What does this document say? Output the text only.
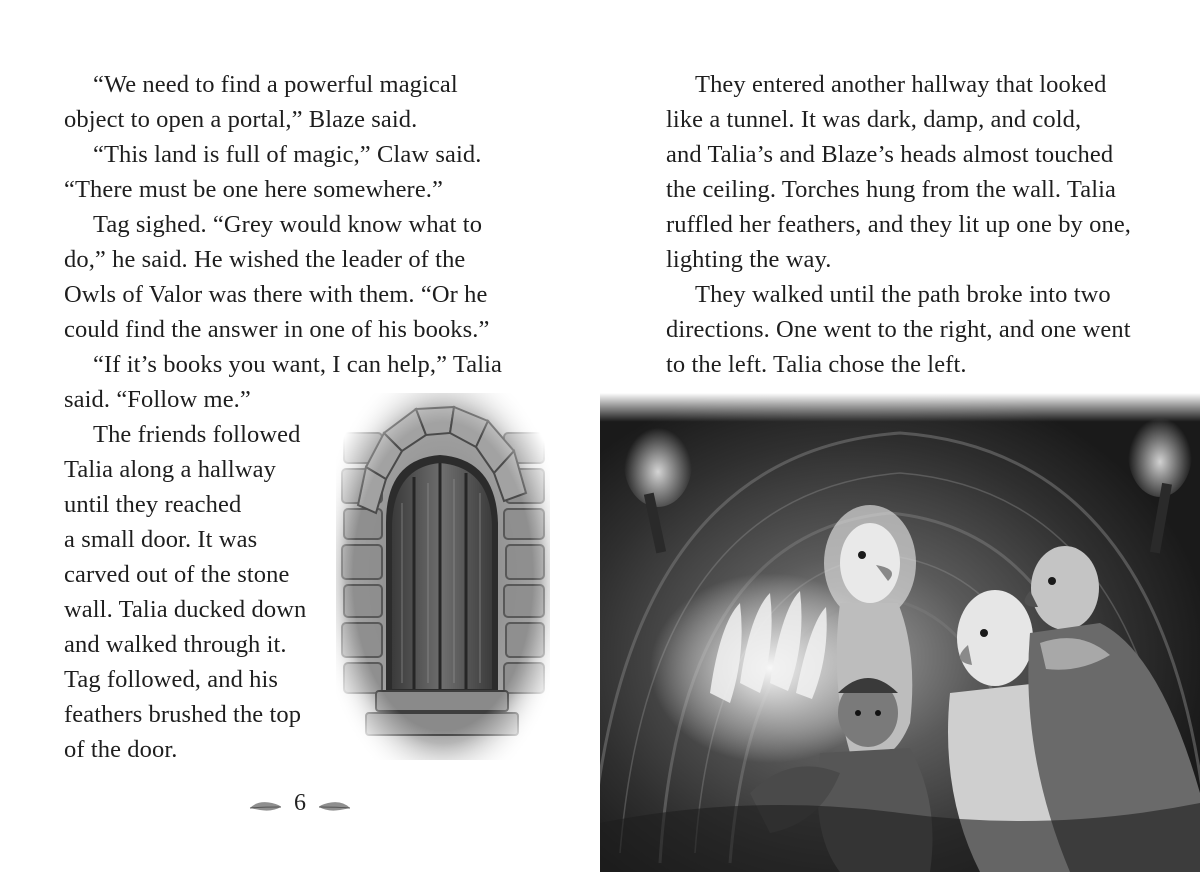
“We need to find a powerful magical
object to open a portal,” Blaze said.

“This land is full of magic,” Claw said.
“There must be one here somewhere.”

Tag sighed. “Grey would know what to
do,” he said. He wished the leader of the
Owls of Valor was there with them. “Or he
could find the answer in one of his books.”

“If it’s books you want, I can help,” Talia
said. “Follow me.”

The friends followed
Talia along a hallway
until they reached
a small door. It was
carved out of the stone
wall. Talia ducked down
and walked through it.
Tag followed, and his
feathers brushed the top
of the door.

6

They entered another hallway that looked
like a tunnel. It was dark, damp, and cold,
and Talia’s and Blaze’s heads almost touched
the ceiling. Torches hung from the wall. Talia
ruffled her feathers, and they lit up one by one,
lighting the way.

They walked until the path broke into two
directions. One went to the right, and one went
to the left. Talia chose the left.
